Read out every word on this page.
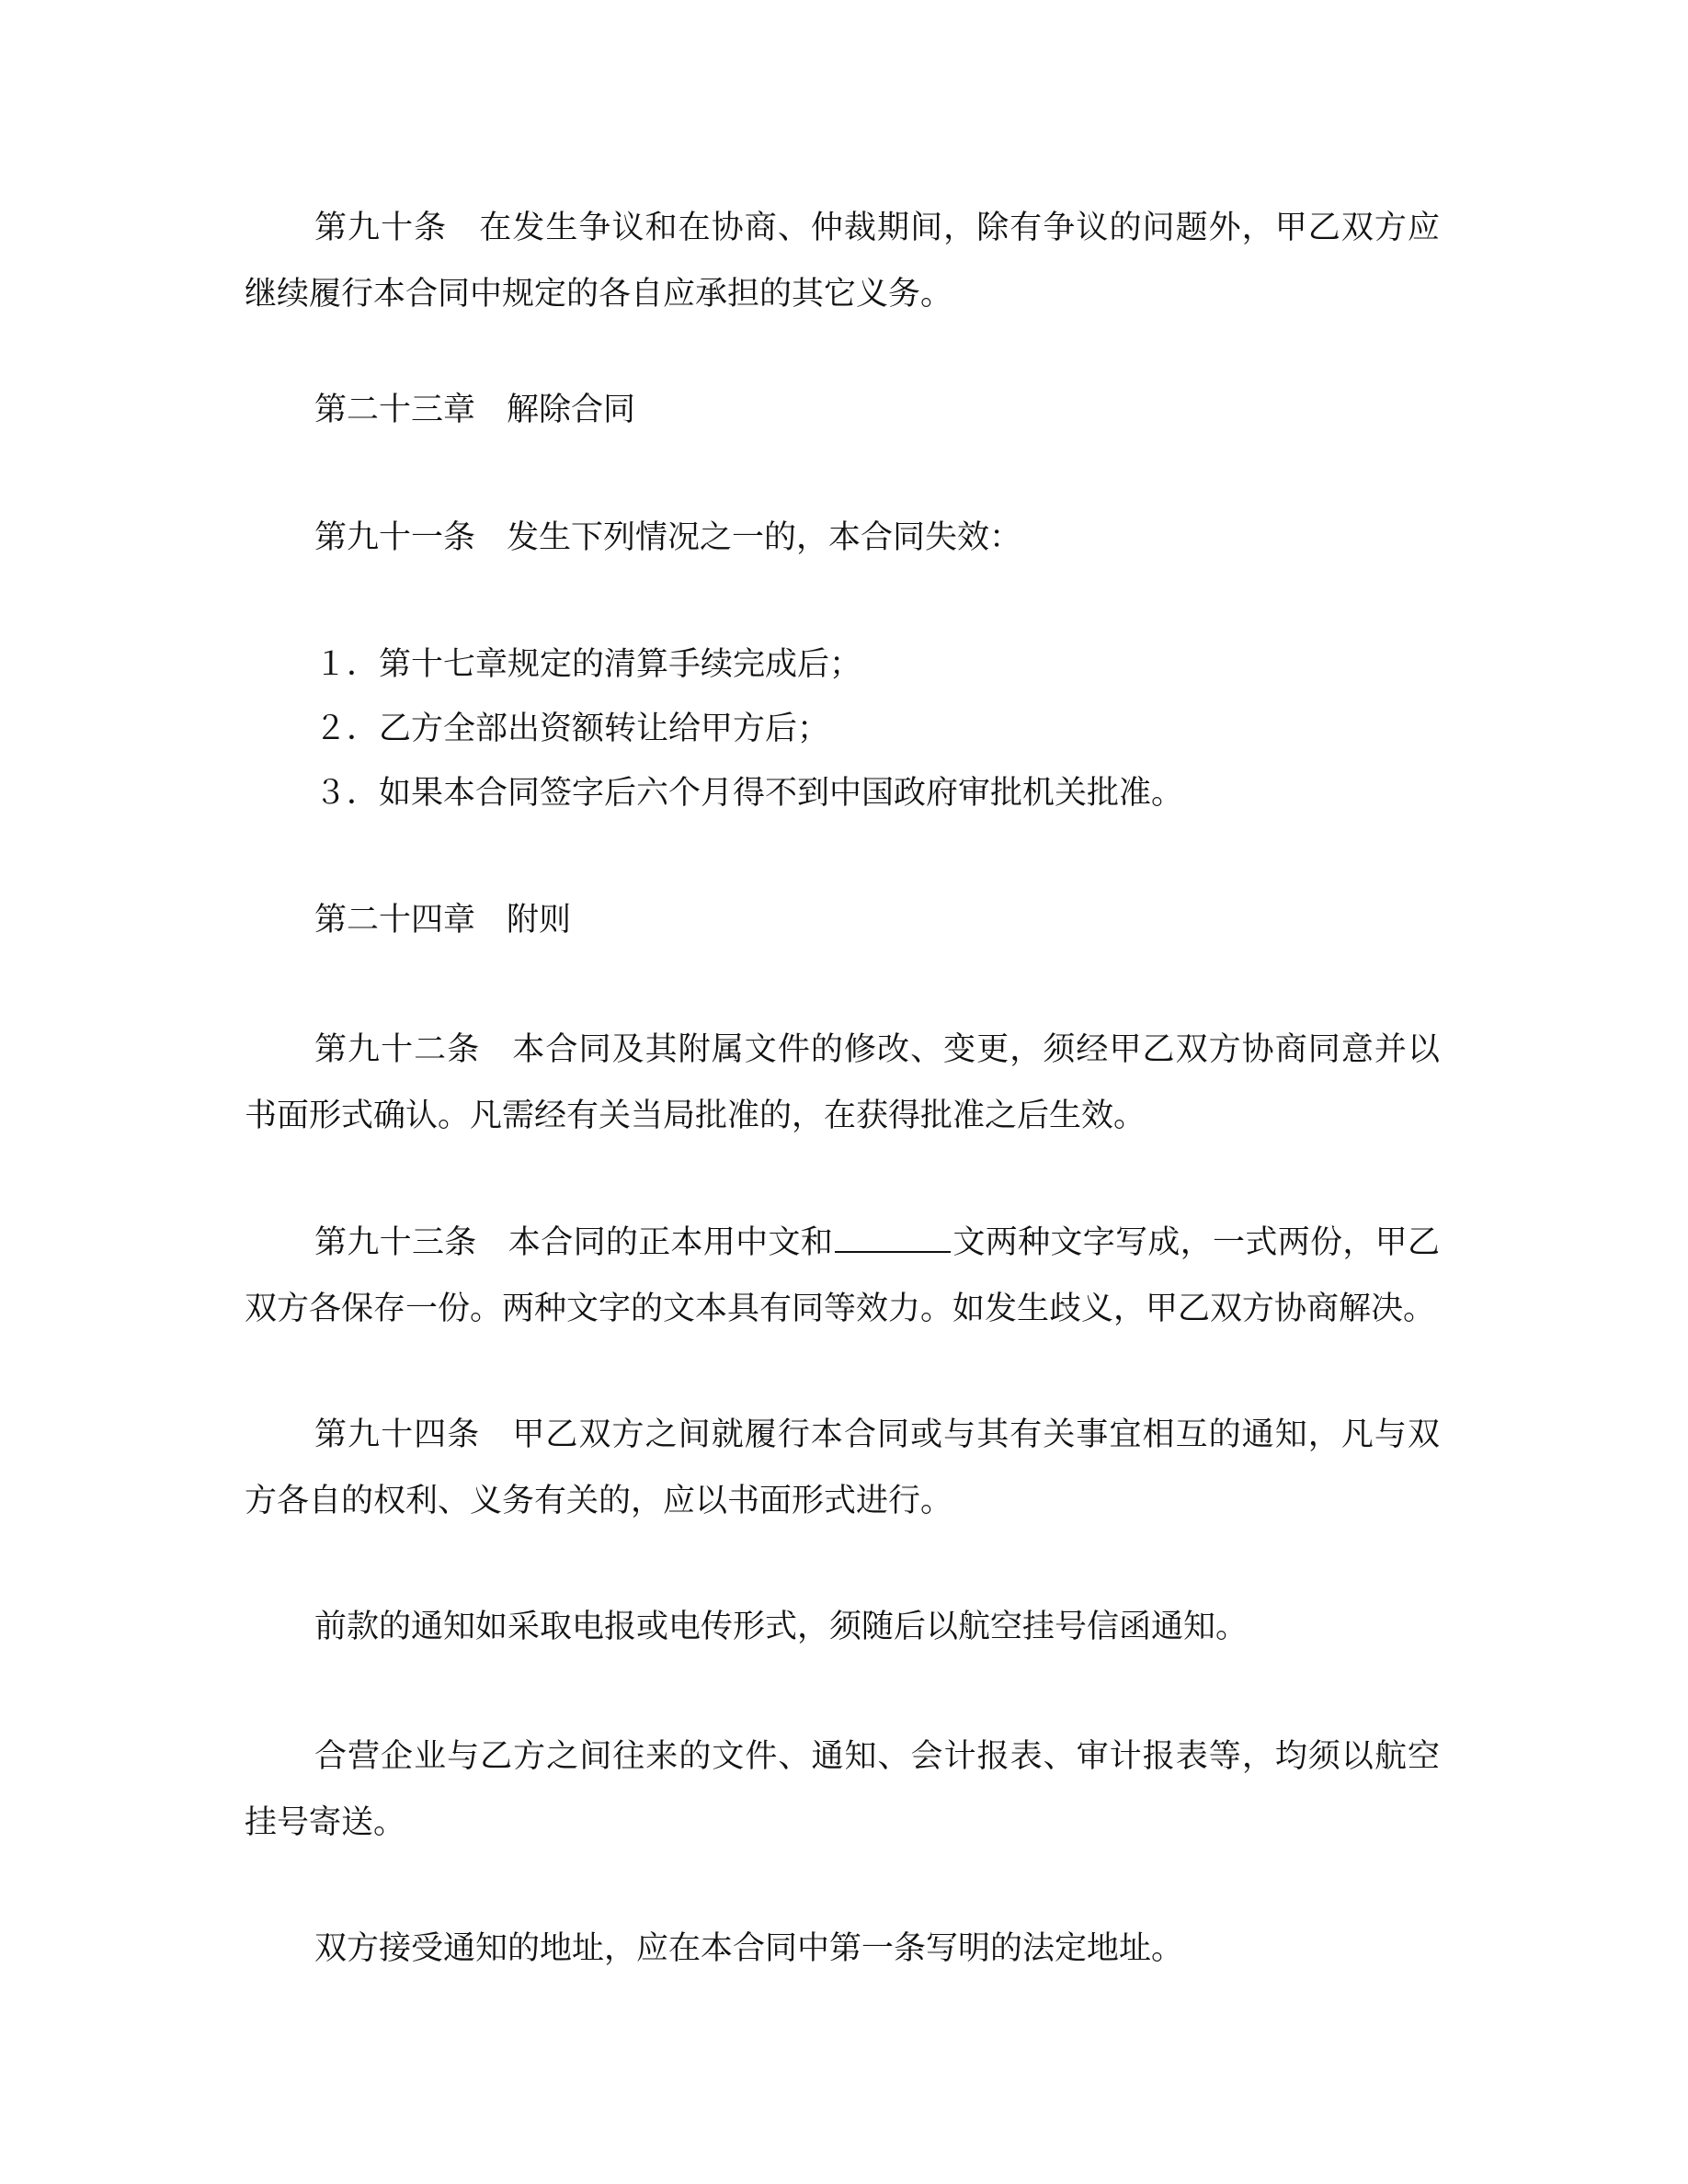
第九十条 在发生争议和在协商、仲裁期间，除有争议的问题外，甲乙双方应继续履行本合同中规定的各自应承担的其它义务。
第二十三章 解除合同
第九十一条 发生下列情况之一的，本合同失效：
１．第十七章规定的清算手续完成后；
２．乙方全部出资额转让给甲方后；
３．如果本合同签字后六个月得不到中国政府审批机关批准。
第二十四章 附则
第九十二条 本合同及其附属文件的修改、变更，须经甲乙双方协商同意并以书面形式确认。凡需经有关当局批准的，在获得批准之后生效。
第九十三条 本合同的正本用中文和	文两种文字写成，一式两份，甲乙双方各保存一份。两种文字的文本具有同等效力。如发生歧义，甲乙双方协商解决。
第九十四条 甲乙双方之间就履行本合同或与其有关事宜相互的通知，凡与双方各自的权利、义务有关的，应以书面形式进行。
前款的通知如采取电报或电传形式，须随后以航空挂号信函通知。
合营企业与乙方之间往来的文件、通知、会计报表、审计报表等，均须以航空挂号寄送。
双方接受通知的地址，应在本合同中第一条写明的法定地址。
